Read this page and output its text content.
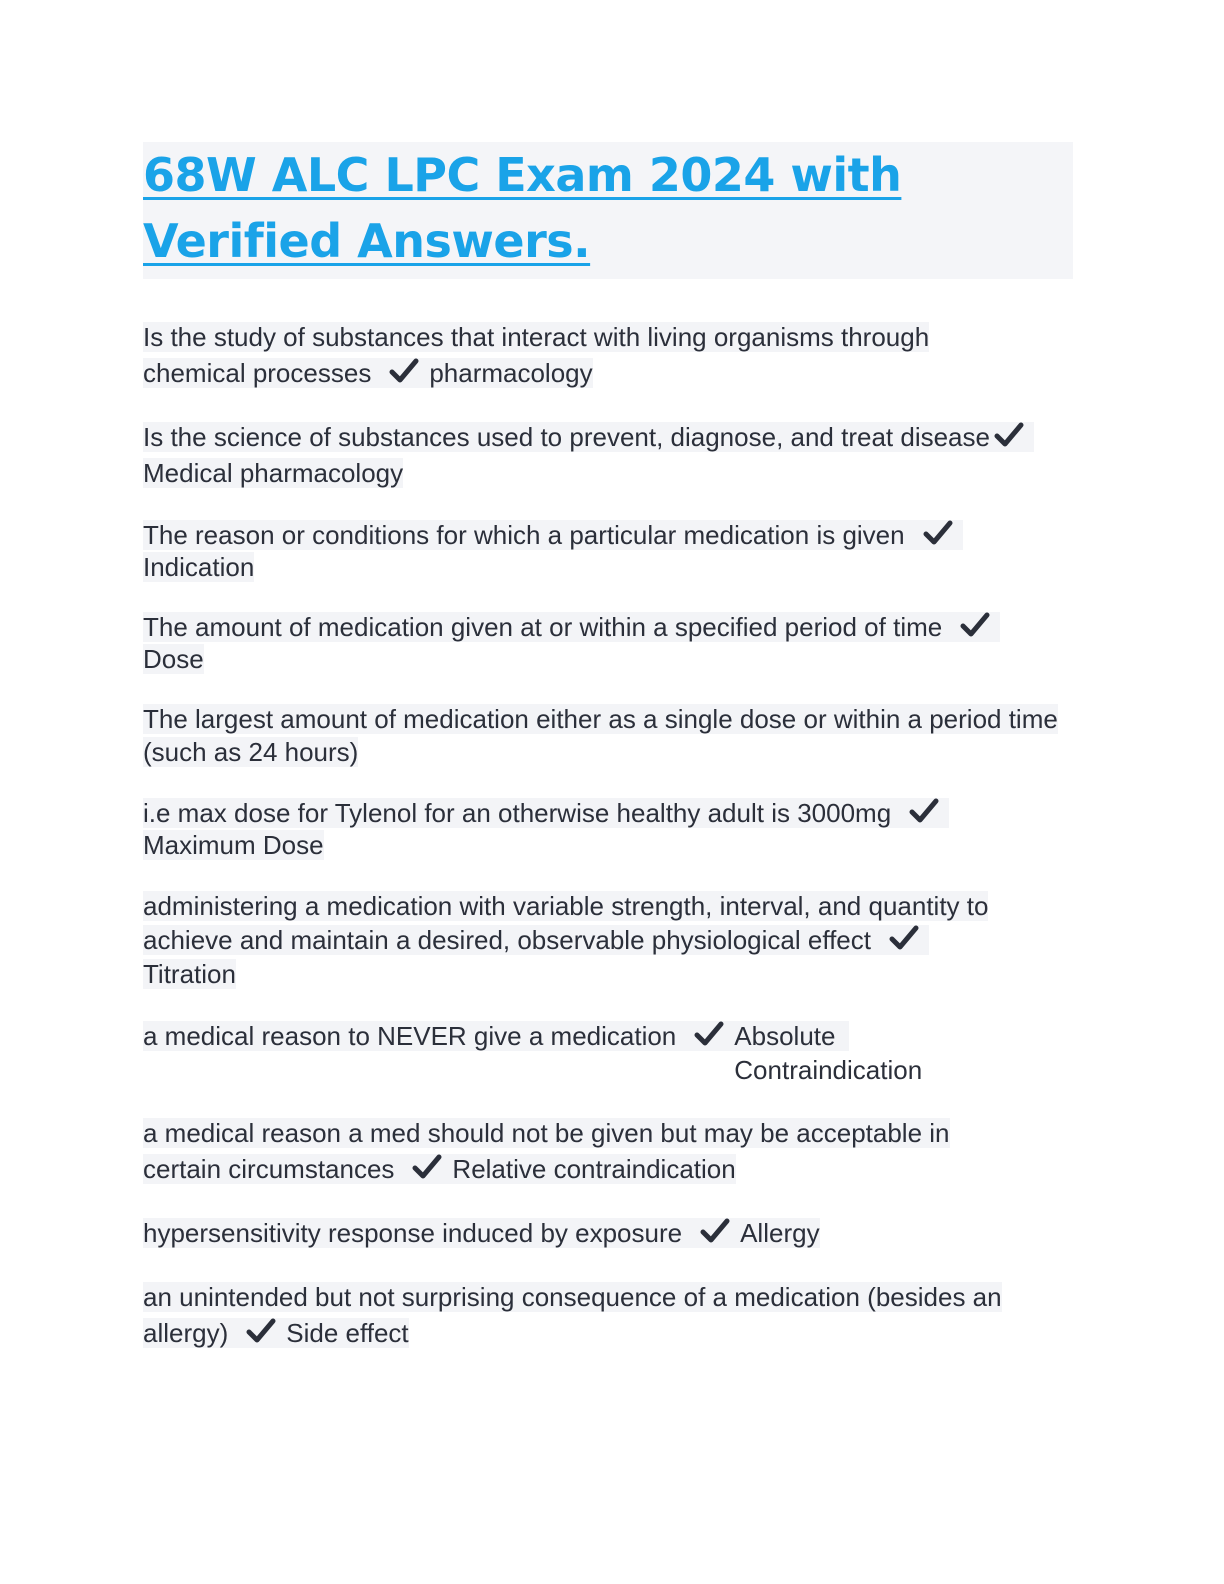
68W ALC LPC Exam 2024 with Verified Answers.

Is the study of substances that interact with living organisms through chemical processes pharmacology

Is the science of substances used to prevent, diagnose, and treat disease
Medical pharmacology

The reason or conditions for which a particular medication is given

Indication

The amount of medication given at or within a specified period of time

Dose

The largest amount of medication either as a single dose or within a period time (such as 24 hours)

i.e max dose for Tylenol for an otherwise healthy adult is 3000mg

Maximum Dose

administering a medication with variable strength, interval, and quantity to achieve and maintain a desired, observable physiological effect

Titration

a medical reason to NEVER give a medication Absolute Contraindication

a medical reason a med should not be given but may be acceptable in certain circumstances Relative contraindication

hypersensitivity response induced by exposure Allergy

an unintended but not surprising consequence of a medication (besides an allergy) Side effect
